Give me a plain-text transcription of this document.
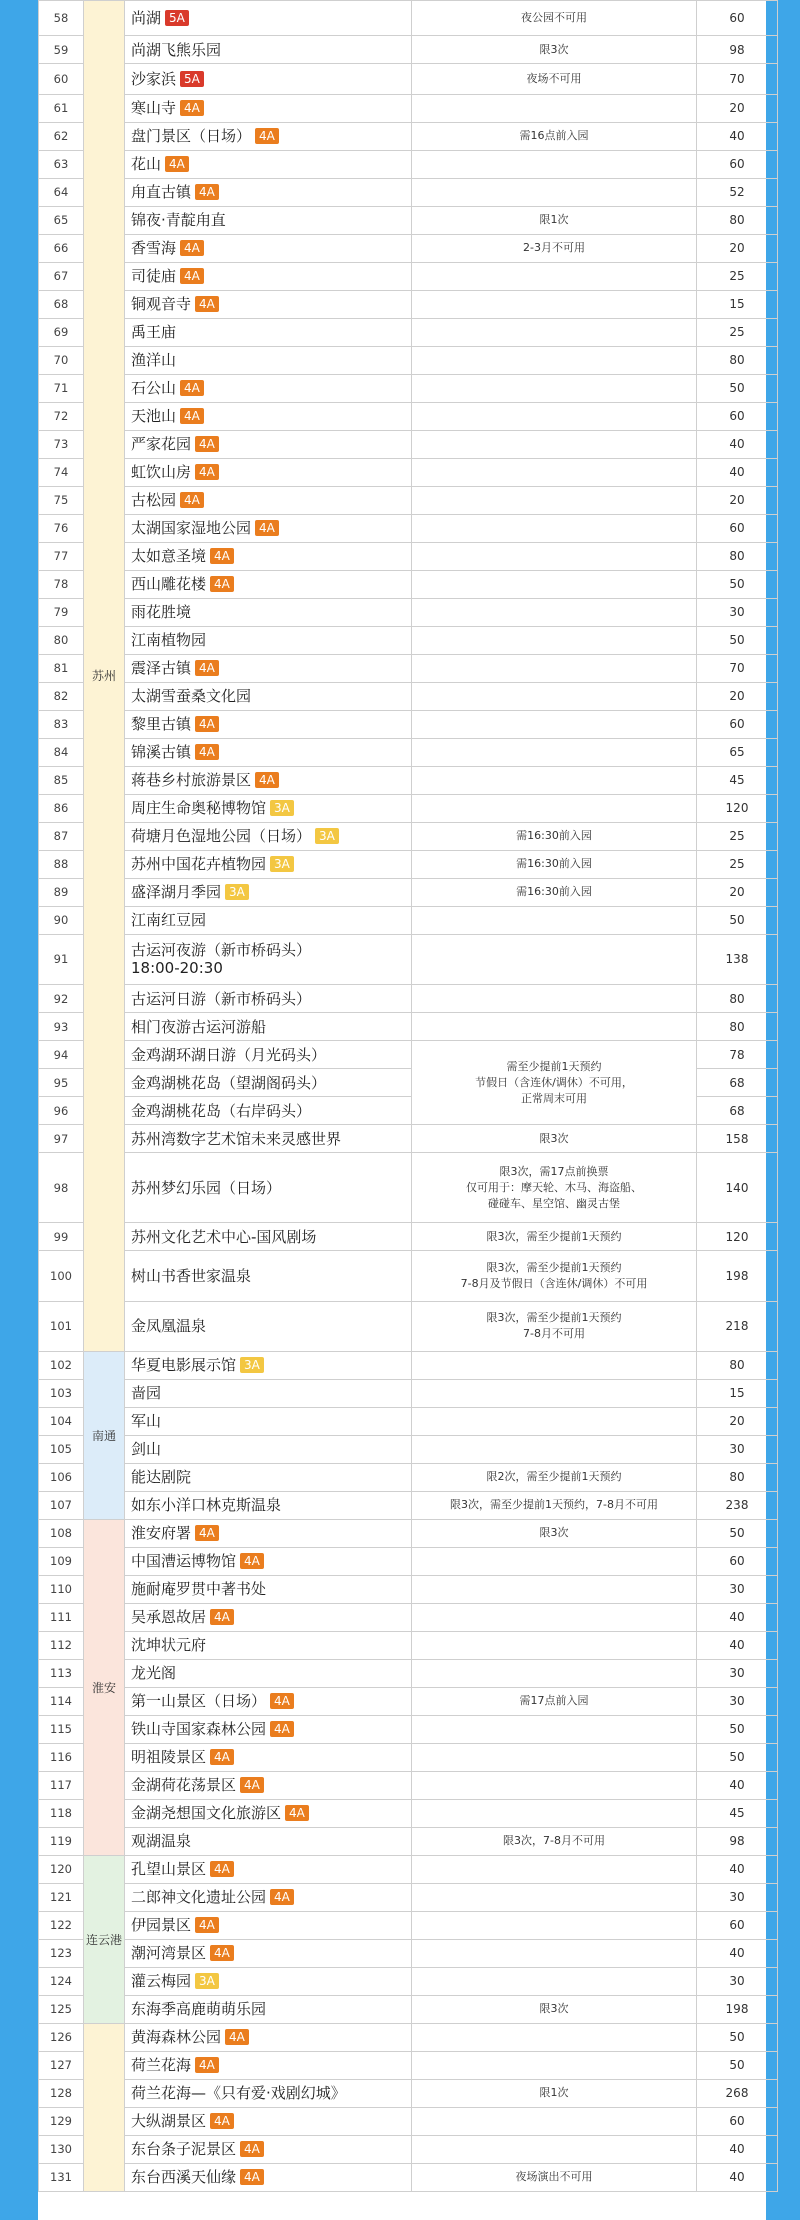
58	苏州	尚湖 5A	夜公园不可用	60
59		尚湖飞熊乐园	限3次	98
60		沙家浜 5A	夜场不可用	70
61		寒山寺 4A		20
62		盘门景区（日场） 4A	需16点前入园	40
63		花山 4A		60
64		甪直古镇 4A		52
65		锦夜·青靛甪直	限1次	80
66		香雪海 4A	2-3月不可用	20
67		司徒庙 4A		25
68		铜观音寺 4A		15
69		禹王庙		25
70		渔洋山		80
71		石公山 4A		50
72		天池山 4A		60
73		严家花园 4A		40
74		虹饮山房 4A		40
75		古松园 4A		20
76		太湖国家湿地公园 4A		60
77		太如意圣境 4A		80
78		西山雕花楼 4A		50
79		雨花胜境		30
80		江南植物园		50
81		震泽古镇 4A		70
82		太湖雪蚕桑文化园		20
83		黎里古镇 4A		60
84		锦溪古镇 4A		65
85		蒋巷乡村旅游景区 4A		45
86		周庄生命奥秘博物馆 3A		120
87		荷塘月色湿地公园（日场） 3A	需16:30前入园	25
88		苏州中国花卉植物园 3A	需16:30前入园	25
89		盛泽湖月季园 3A	需16:30前入园	20
90		江南红豆园		50
91		古运河夜游（新市桥码头）
18:00-20:30		138
92		古运河日游（新市桥码头）		80
93		相门夜游古运河游船		80
94		金鸡湖环湖日游（月光码头）	需至少提前1天预约
节假日（含连休/调休）不可用，
正常周末可用	78
95		金鸡湖桃花岛（望湖阁码头）		68
96		金鸡湖桃花岛（右岸码头）		68
97		苏州湾数字艺术馆未来灵感世界	限3次	158
98		苏州梦幻乐园（日场）	限3次，需17点前换票
仅可用于：摩天轮、木马、海盗船、
碰碰车、星空馆、幽灵古堡	140
99		苏州文化艺术中心-国风剧场	限3次，需至少提前1天预约	120
100		树山书香世家温泉	限3次，需至少提前1天预约
7-8月及节假日（含连休/调休）不可用	198
101		金凤凰温泉	限3次，需至少提前1天预约
7-8月不可用	218
102	南通	华夏电影展示馆 3A		80
103		啬园		15
104		军山		20
105		剑山		30
106		能达剧院	限2次，需至少提前1天预约	80
107		如东小洋口林克斯温泉	限3次，需至少提前1天预约，7-8月不可用	238
108	淮安	淮安府署 4A	限3次	50
109		中国漕运博物馆 4A		60
110		施耐庵罗贯中著书处		30
111		吴承恩故居 4A		40
112		沈坤状元府		40
113		龙光阁		30
114		第一山景区（日场） 4A	需17点前入园	30
115		铁山寺国家森林公园 4A		50
116		明祖陵景区 4A		50
117		金湖荷花荡景区 4A		40
118		金湖尧想国文化旅游区 4A		45
119		观湖温泉	限3次，7-8月不可用	98
120	连云港	孔望山景区 4A		40
121		二郎神文化遗址公园 4A		30
122		伊园景区 4A		60
123		潮河湾景区 4A		40
124		灌云梅园 3A		30
125		东海季高鹿萌萌乐园	限3次	198
126		黄海森林公园 4A		50
127		荷兰花海 4A		50
128		荷兰花海—《只有爱·戏剧幻城》	限1次	268
129		大纵湖景区 4A		60
130		东台条子泥景区 4A		40
131		东台西溪天仙缘 4A	夜场演出不可用	40
